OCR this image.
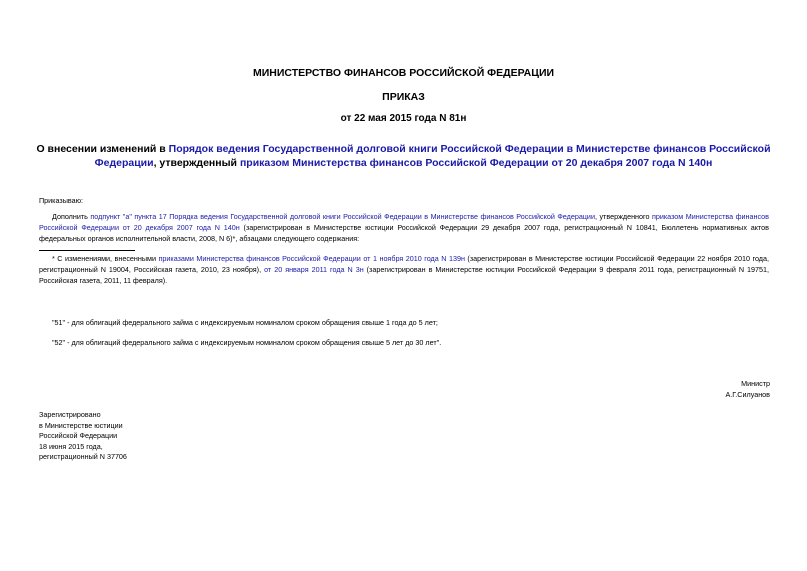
МИНИСТЕРСТВО ФИНАНСОВ РОССИЙСКОЙ ФЕДЕРАЦИИ
ПРИКАЗ
от 22 мая 2015 года N 81н
О внесении изменений в Порядок ведения Государственной долговой книги Российской Федерации в Министерстве финансов Российской Федерации, утвержденный приказом Министерства финансов Российской Федерации от 20 декабря 2007 года N 140н
Приказываю:
Дополнить подпункт "а" пункта 17 Порядка ведения Государственной долговой книги Российской Федерации в Министерстве финансов Российской Федерации, утвержденного приказом Министерства финансов Российской Федерации от 20 декабря 2007 года N 140н (зарегистрирован в Министерстве юстиции Российской Федерации 29 декабря 2007 года, регистрационный N 10841, Бюллетень нормативных актов федеральных органов исполнительной власти, 2008, N 6)*, абзацами следующего содержания:
* С изменениями, внесенными приказами Министерства финансов Российской Федерации от 1 ноября 2010 года N 139н (зарегистрирован в Министерстве юстиции Российской Федерации 22 ноября 2010 года, регистрационный N 19004, Российская газета, 2010, 23 ноября), от 20 января 2011 года N 3н (зарегистрирован в Министерстве юстиции Российской Федерации 9 февраля 2011 года, регистрационный N 19751, Российская газета, 2011, 11 февраля).
"51" - для облигаций федерального займа с индексируемым номиналом сроком обращения свыше 1 года до 5 лет;
"52" - для облигаций федерального займа с индексируемым номиналом сроком обращения свыше 5 лет до 30 лет".
Министр
А.Г.Силуанов
Зарегистрировано
в Министерстве юстиции
Российской Федерации
18 июня 2015 года,
регистрационный N 37706
